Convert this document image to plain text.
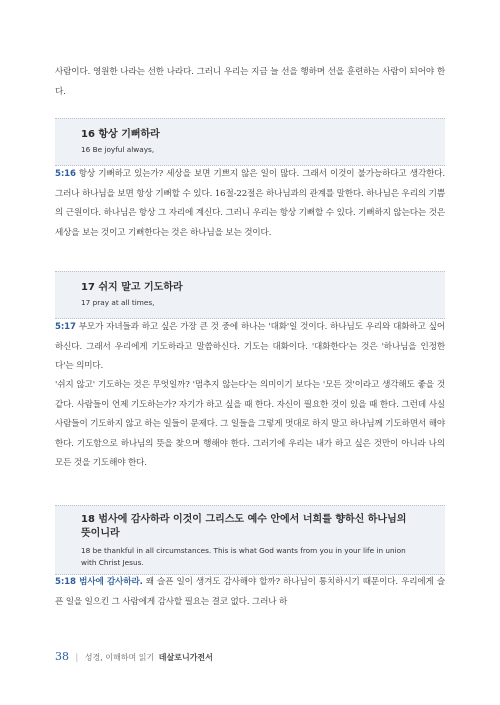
사람이다. 영원한 나라는 선한 나라다. 그러니 우리는 지금 늘 선을 행하며 선을 훈련하는 사람이 되어야 한다.

16 항상 기뻐하라
16 Be joyful always,

5:16 항상 기뻐하고 있는가? 세상을 보면 기쁘지 않은 일이 많다. 그래서 이것이 불가능하다고 생각한다. 그러나 하나님을 보면 항상 기뻐할 수 있다. 16절-22절은 하나님과의 관계를 말한다. 하나님은 우리의 기쁨의 근원이다. 하나님은 항상 그 자리에 계신다. 그러니 우리는 항상 기뻐할 수 있다. 기뻐하지 않는다는 것은 세상을 보는 것이고 기뻐한다는 것은 하나님을 보는 것이다.

17 쉬지 말고 기도하라
17 pray at all times,

5:17 부모가 자녀들과 하고 싶은 가장 큰 것 중에 하나는 '대화'일 것이다. 하나님도 우리와 대화하고 싶어하신다. 그래서 우리에게 기도하라고 말씀하신다. 기도는 대화이다. '대화한다'는 것은 '하나님을 인정한다'는 의미다.

'쉬지 않고' 기도하는 것은 무엇일까? '멈추지 않는다'는 의미이기 보다는 '모든 것'이라고 생각해도 좋을 것 같다. 사람들이 언제 기도하는가? 자기가 하고 싶을 때 한다. 자신이 필요한 것이 있을 때 한다. 그런데 사실 사람들이 기도하지 않고 하는 일들이 문제다. 그 일들을 그렇게 멋대로 하지 말고 하나님께 기도하면서 해야 한다. 기도함으로 하나님의 뜻을 찾으며 행해야 한다. 그러기에 우리는 내가 하고 싶은 것만이 아니라 나의 모든 것을 기도해야 한다.

18 범사에 감사하라 이것이 그리스도 예수 안에서 너희를 향하신 하나님의 뜻이니라
18 be thankful in all circumstances. This is what God wants from you in your life in union with Christ Jesus.

5:18 범사에 감사하라. 왜 슬픈 일이 생겨도 감사해야 할까? 하나님이 통치하시기 때문이다. 우리에게 슬픈 일을 일으킨 그 사람에게 감사할 필요는 결코 없다. 그러나 하

38 | 성경, 이해하며 읽기 데살로니가전서
